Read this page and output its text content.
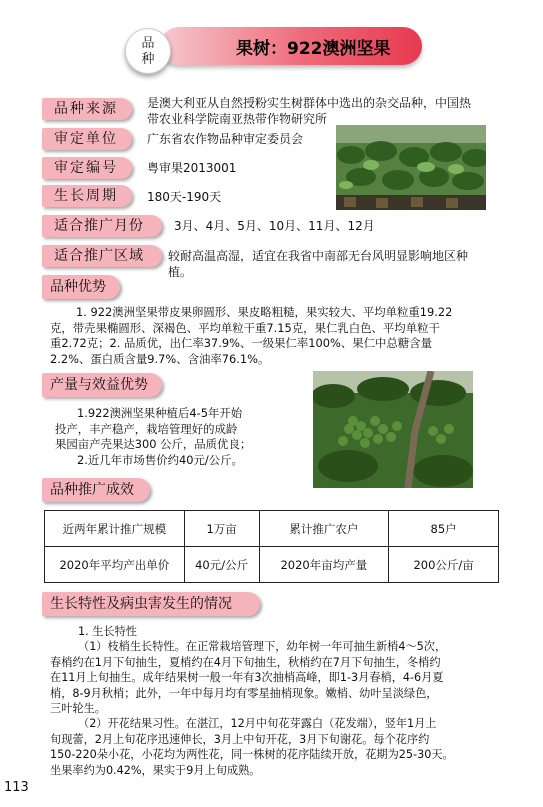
果树：922澳洲坚果
品
种
品种来源	是澳大利亚从自然授粉实生树群体中选出的杂交品种，中国热
带农业科学院南亚热带作物研究所
审定单位	广东省农作物品种审定委员会
审定编号	粤审果2013001
生长周期	180天-190天
适合推广月份	3月、4月、5月、10月、11月、12月
适合推广区域	较耐高温高湿，适宜在我省中南部无台风明显影响地区种
植。
品种优势

1. 922澳洲坚果带皮果卵圆形、果皮略粗糙，果实较大、平均单粒重19.22

克，带壳果椭圆形、深褐色、平均单粒干重7.15克，果仁乳白色、平均单粒干

重2.72克；2. 品质优，出仁率37.9%、一级果仁率100%、果仁中总糖含量

2.2%、蛋白质含量9.7%、含油率76.1%。

产量与效益优势

1.922澳洲坚果种植后4-5年开始

投产，丰产稳产，栽培管理好的成龄

果园亩产壳果达300 公斤，品质优良；

2.近几年市场售价约40元/公斤。

品种推广成效
近两年累计推广规模	1万亩	累计推广农户	85户
2020年平均产出单价	40元/公斤	2020年亩均产量	200公斤/亩
生长特性及病虫害发生的情况

1. 生长特性

（1）枝梢生长特性。在正常栽培管理下，幼年树一年可抽生新梢4～5次，

春梢约在1月下旬抽生，夏梢约在4月下旬抽生，秋梢约在7月下旬抽生，冬梢约

在11月上旬抽生。成年结果树一般一年有3次抽梢高峰，即1-3月春梢，4-6月夏

梢，8-9月秋梢；此外，一年中每月均有零星抽梢现象。嫩梢、幼叶呈淡绿色，

三叶轮生。

（2）开花结果习性。在湛江，12月中旬花芽露白（花发端），竖年1月上

旬现蕾，2月上旬花序迅速伸长，3月上中旬开花，3月下旬谢花。每个花序约

150-220朵小花，小花均为两性花，同一株树的花序陆续开放，花期为25-30天。

坐果率约为0.42%，果实于9月上旬成熟。

113
